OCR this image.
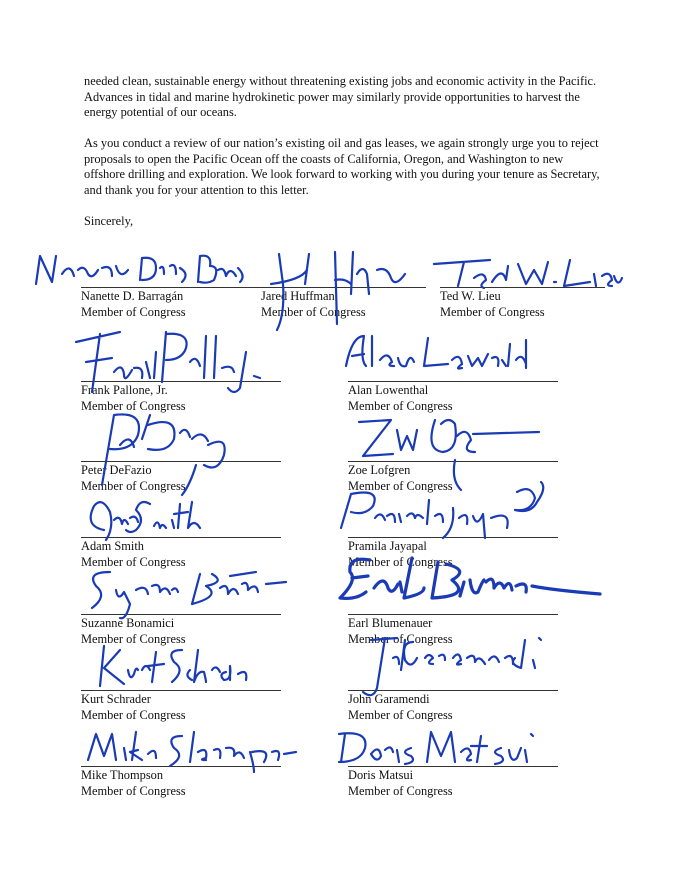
needed clean, sustainable energy without threatening existing jobs and economic activity in the Pacific. Advances in tidal and marine hydrokinetic power may similarly provide opportunities to harvest the energy potential of our oceans.

As you conduct a review of our nation’s existing oil and gas leases, we again strongly urge you to reject proposals to open the Pacific Ocean off the coasts of California, Oregon, and Washington to new offshore drilling and exploration. We look forward to working with you during your tenure as Secretary, and thank you for your attention to this letter.

Sincerely,

Nanette D. Barragán
Member of Congress
Jared Huffman
Member of Congress
Ted W. Lieu
Member of Congress
Frank Pallone, Jr.
Member of Congress
Alan Lowenthal
Member of Congress
Peter DeFazio
Member of Congress
Zoe Lofgren
Member of Congress
Adam Smith
Member of Congress
Pramila Jayapal
Member of Congress
Suzanne Bonamici
Member of Congress
Earl Blumenauer
Member of Congress
Kurt Schrader
Member of Congress
John Garamendi
Member of Congress
Mike Thompson
Member of Congress
Doris Matsui
Member of Congress
